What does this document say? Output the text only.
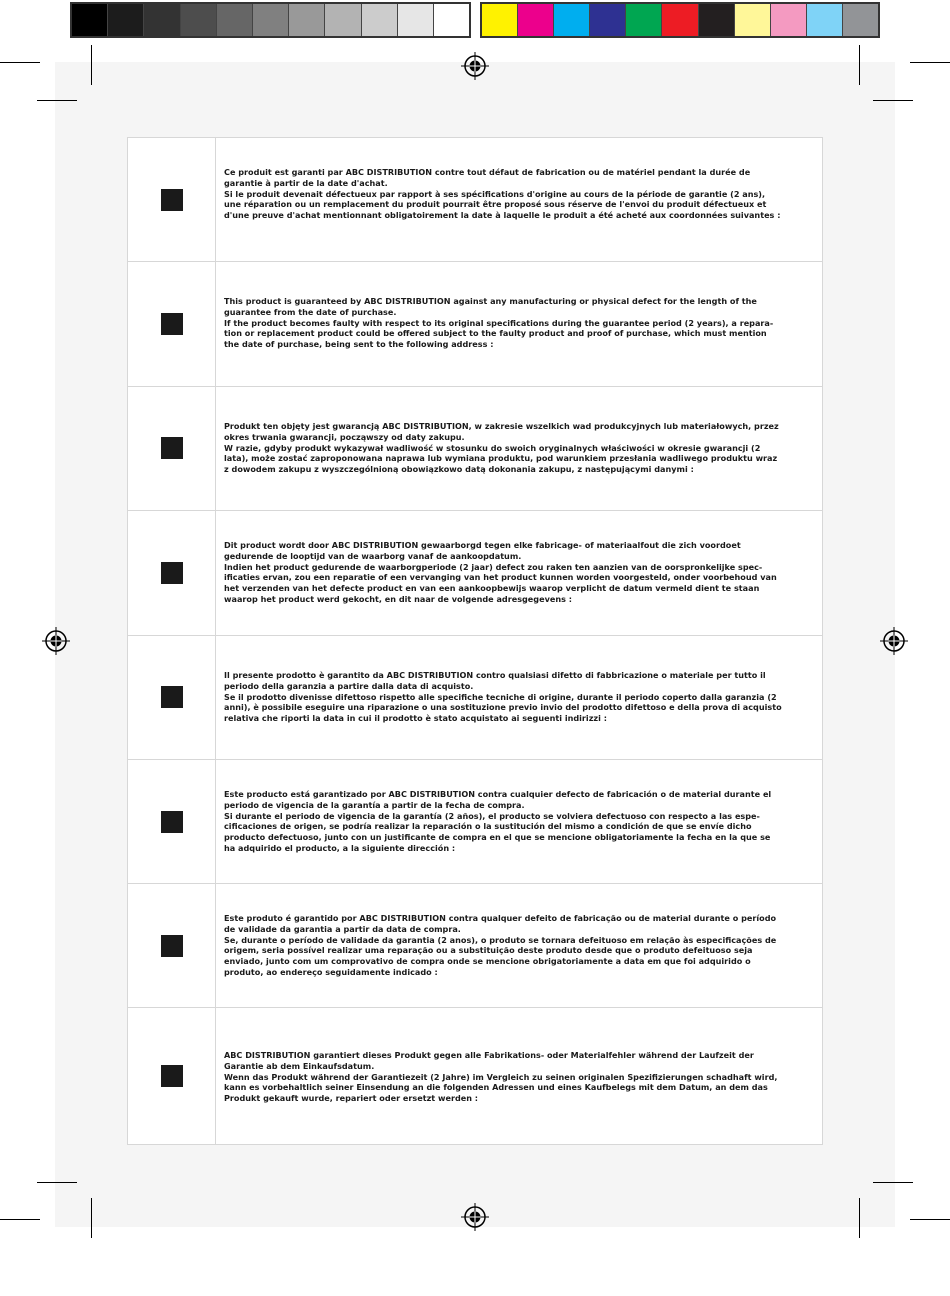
Ce produit est garanti par ABC DISTRIBUTION contre tout défaut de fabrication ou de matériel pendant la durée de garantie à partir de la date d'achat.

Si le produit devenait défectueux par rapport à ses spécifications d'origine au cours de la période de garantie (2 ans), une réparation ou un remplacement du produit pourrait être proposé sous réserve de l'envoi du produit défectueux et d'une preuve d'achat mentionnant obligatoirement la date à laquelle le produit a été acheté aux coordonnées suivantes :

This product is guaranteed by ABC DISTRIBUTION against any manufacturing or physical defect for the length of the guarantee from the date of purchase.

If the product becomes faulty with respect to its original specifications during the guarantee period (2 years), a repara-tion or replacement product could be offered subject to the faulty product and proof of purchase, which must mention the date of purchase, being sent to the following address :

Produkt ten objęty jest gwarancją ABC DISTRIBUTION, w zakresie wszelkich wad produkcyjnych lub materiałowych, przez okres trwania gwarancji, począwszy od daty zakupu.

W razie, gdyby produkt wykazywał wadliwość w stosunku do swoich oryginalnych właściwości w okresie gwarancji (2 lata), może zostać zaproponowana naprawa lub wymiana produktu, pod warunkiem przesłania wadliwego produktu wraz z dowodem zakupu z wyszczególnioną obowiązkowo datą dokonania zakupu, z następującymi danymi :

Dit product wordt door ABC DISTRIBUTION gewaarborgd tegen elke fabricage- of materiaalfout die zich voordoet gedurende de looptijd van de waarborg vanaf de aankoopdatum.

Indien het product gedurende de waarborgperiode (2 jaar) defect zou raken ten aanzien van de oorspronkelijke spec-ificaties ervan, zou een reparatie of een vervanging van het product kunnen worden voorgesteld, onder voorbehoud van het verzenden van het defecte product en van een aankoopbewijs waarop verplicht de datum vermeld dient te staan waarop het product werd gekocht, en dit naar de volgende adresgegevens :

Il presente prodotto è garantito da ABC DISTRIBUTION contro qualsiasi difetto di fabbricazione o materiale per tutto il periodo della garanzia a partire dalla data di acquisto.

Se il prodotto divenisse difettoso rispetto alle specifiche tecniche di origine, durante il periodo coperto dalla garanzia (2 anni), è possibile eseguire una riparazione o una sostituzione previo invio del prodotto difettoso e della prova di acquisto relativa che riporti la data in cui il prodotto è stato acquistato ai seguenti indirizzi :

Este producto está garantizado por ABC DISTRIBUTION contra cualquier defecto de fabricación o de material durante el periodo de vigencia de la garantía a partir de la fecha de compra.

Si durante el periodo de vigencia de la garantía (2 años), el producto se volviera defectuoso con respecto a las espe-cificaciones de origen, se podría realizar la reparación o la sustitución del mismo a condición de que se envíe dicho producto defectuoso, junto con un justificante de compra en el que se mencione obligatoriamente la fecha en la que se ha adquirido el producto, a la siguiente dirección :

Este produto é garantido por ABC DISTRIBUTION contra qualquer defeito de fabricação ou de material durante o período de validade da garantia a partir da data de compra.

Se, durante o período de validade da garantia (2 anos), o produto se tornara defeituoso em relação às especificações de origem, seria possível realizar uma reparação ou a substituição deste produto desde que o produto defeituoso seja enviado, junto com um comprovativo de compra onde se mencione obrigatoriamente a data em que foi adquirido o produto, ao endereço seguidamente indicado :

ABC DISTRIBUTION garantiert dieses Produkt gegen alle Fabrikations- oder Materialfehler während der Laufzeit der Garantie ab dem Einkaufsdatum.

Wenn das Produkt während der Garantiezeit (2 Jahre) im Vergleich zu seinen originalen Spezifizierungen schadhaft wird, kann es vorbehaltlich seiner Einsendung an die folgenden Adressen und eines Kaufbelegs mit dem Datum, an dem das Produkt gekauft wurde, repariert oder ersetzt werden :
